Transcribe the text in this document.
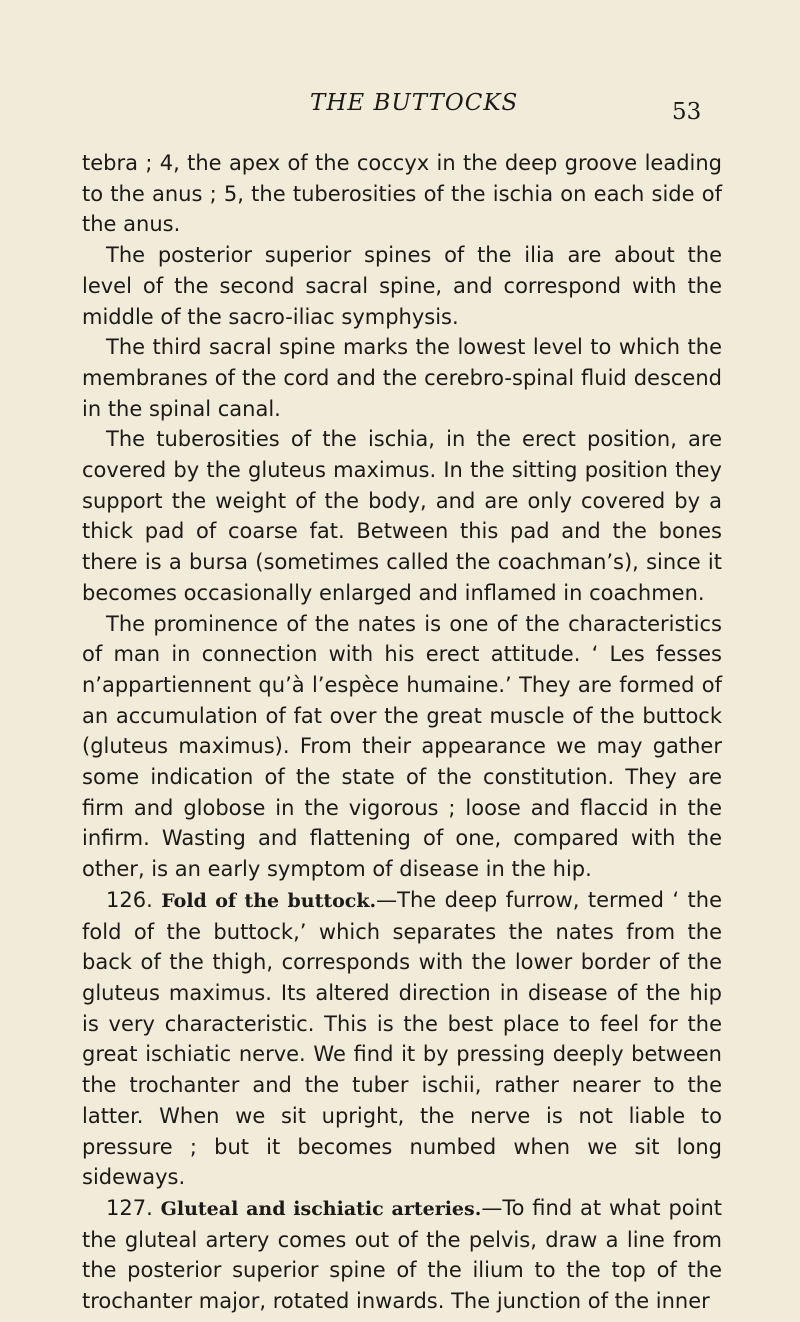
THE BUTTOCKS	53

tebra ; 4, the apex of the coccyx in the deep groove leading to the anus ; 5, the tuberosities of the ischia on each side of the anus.

The posterior superior spines of the ilia are about the level of the second sacral spine, and correspond with the middle of the sacro-iliac symphysis.

The third sacral spine marks the lowest level to which the membranes of the cord and the cerebro-spinal fluid descend in the spinal canal.

The tuberosities of the ischia, in the erect position, are covered by the gluteus maximus. In the sitting position they support the weight of the body, and are only covered by a thick pad of coarse fat. Between this pad and the bones there is a bursa (sometimes called the coachman’s), since it becomes occasionally enlarged and inflamed in coachmen.

The prominence of the nates is one of the characteristics of man in connection with his erect attitude. ‘ Les fesses n’appartiennent qu’à l’espèce humaine.’ They are formed of an accumulation of fat over the great muscle of the buttock (gluteus maximus). From their appearance we may gather some indication of the state of the constitution. They are firm and globose in the vigorous ; loose and flaccid in the infirm. Wasting and flattening of one, compared with the other, is an early symptom of disease in the hip.

126. Fold of the buttock.—The deep furrow, termed ‘ the fold of the buttock,’ which separates the nates from the back of the thigh, corresponds with the lower border of the gluteus maximus. Its altered direction in disease of the hip is very characteristic. This is the best place to feel for the great ischiatic nerve. We find it by pressing deeply between the trochanter and the tuber ischii, rather nearer to the latter. When we sit upright, the nerve is not liable to pressure ; but it becomes numbed when we sit long sideways.

127. Gluteal and ischiatic arteries.—To find at what point the gluteal artery comes out of the pelvis, draw a line from the posterior superior spine of the ilium to the top of the trochanter major, rotated inwards. The junction of the inner
